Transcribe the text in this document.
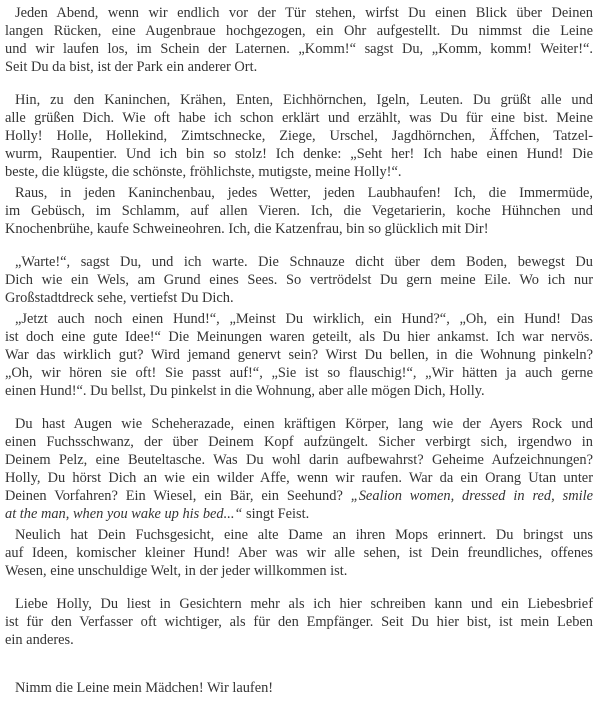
Jeden Abend, wenn wir endlich vor der Tür stehen, wirfst Du einen Blick über Deinen
langen Rücken, eine Augenbraue hochgezogen, ein Ohr aufgestellt. Du nimmst die Leine
und wir laufen los, im Schein der Laternen. „Komm!“ sagst Du, „Komm, komm! Weiter!“.
Seit Du da bist, ist der Park ein anderer Ort.
Hin, zu den Kaninchen, Krähen, Enten, Eichhörnchen, Igeln, Leuten. Du grüßt alle und
alle grüßen Dich. Wie oft habe ich schon erklärt und erzählt, was Du für eine bist. Meine
Holly! Holle, Hollekind, Zimtschnecke, Ziege, Urschel, Jagdhörnchen, Äffchen, Tatzel-
wurm, Raupentier. Und ich bin so stolz! Ich denke: „Seht her! Ich habe einen Hund! Die
beste, die klügste, die schönste, fröhlichste, mutigste, meine Holly!“.
Raus, in jeden Kaninchenbau, jedes Wetter, jeden Laubhaufen! Ich, die Immermüde,
im Gebüsch, im Schlamm, auf allen Vieren. Ich, die Vegetarierin, koche Hühnchen und
Knochenbrühe, kaufe Schweineohren. Ich, die Katzenfrau, bin so glücklich mit Dir!
„Warte!“, sagst Du, und ich warte. Die Schnauze dicht über dem Boden, bewegst Du
Dich wie ein Wels, am Grund eines Sees. So vertrödelst Du gern meine Eile. Wo ich nur
Großstadtdreck sehe, vertiefst Du Dich.
„Jetzt auch noch einen Hund!“, „Meinst Du wirklich, ein Hund?“, „Oh, ein Hund! Das
ist doch eine gute Idee!“ Die Meinungen waren geteilt, als Du hier ankamst. Ich war nervös.
War das wirklich gut? Wird jemand genervt sein? Wirst Du bellen, in die Wohnung pinkeln?
„Oh, wir hören sie oft! Sie passt auf!“, „Sie ist so flauschig!“, „Wir hätten ja auch gerne
einen Hund!“. Du bellst, Du pinkelst in die Wohnung, aber alle mögen Dich, Holly.
Du hast Augen wie Scheherazade, einen kräftigen Körper, lang wie der Ayers Rock und
einen Fuchsschwanz, der über Deinem Kopf aufzüngelt. Sicher verbirgt sich, irgendwo in
Deinem Pelz, eine Beuteltasche. Was Du wohl darin aufbewahrst? Geheime Aufzeichnungen?
Holly, Du hörst Dich an wie ein wilder Affe, wenn wir raufen. War da ein Orang Utan unter
Deinen Vorfahren? Ein Wiesel, ein Bär, ein Seehund? „Sealion women, dressed in red, smile
at the man, when you wake up his bed...“ singt Feist.
Neulich hat Dein Fuchsgesicht, eine alte Dame an ihren Mops erinnert. Du bringst uns
auf Ideen, komischer kleiner Hund! Aber was wir alle sehen, ist Dein freundliches, offenes
Wesen, eine unschuldige Welt, in der jeder willkommen ist.
Liebe Holly, Du liest in Gesichtern mehr als ich hier schreiben kann und ein Liebesbrief
ist für den Verfasser oft wichtiger, als für den Empfänger. Seit Du hier bist, ist mein Leben
ein anderes.
Nimm die Leine mein Mädchen! Wir laufen!
